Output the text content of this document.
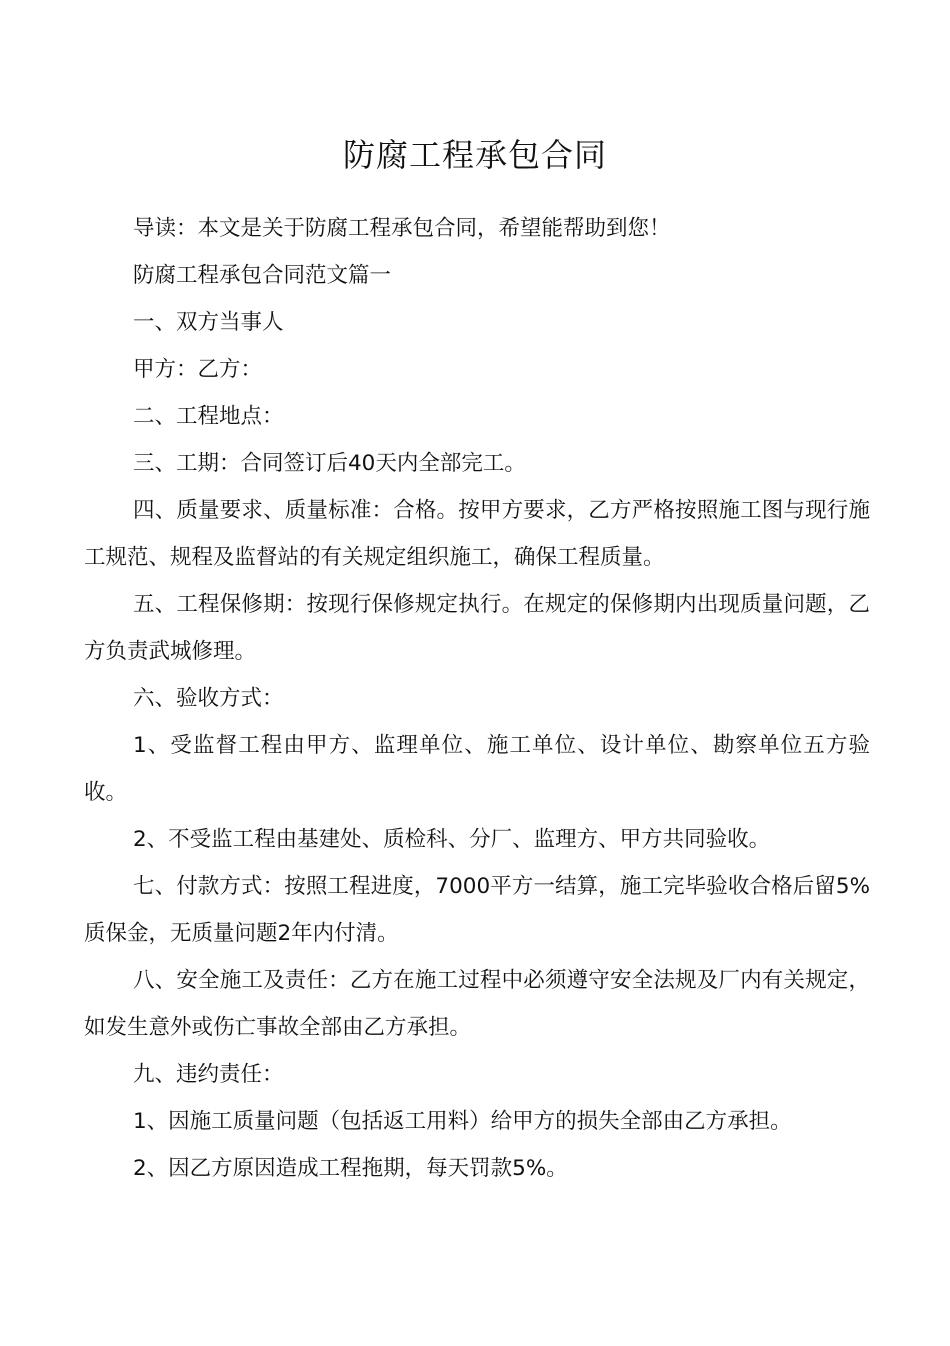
防腐工程承包合同

导读：本文是关于防腐工程承包合同，希望能帮助到您！

防腐工程承包合同范文篇一

一、双方当事人

甲方：乙方：

二、工程地点：

三、工期：合同签订后40天内全部完工。

四、质量要求、质量标准：合格。按甲方要求，乙方严格按照施工图与现行施工规范、规程及监督站的有关规定组织施工，确保工程质量。

五、工程保修期：按现行保修规定执行。在规定的保修期内出现质量问题，乙方负责武城修理。

六、验收方式：

1、受监督工程由甲方、监理单位、施工单位、设计单位、勘察单位五方验收。

2、不受监工程由基建处、质检科、分厂、监理方、甲方共同验收。

七、付款方式：按照工程进度，7000平方一结算，施工完毕验收合格后留5%质保金，无质量问题2年内付清。

八、安全施工及责任：乙方在施工过程中必须遵守安全法规及厂内有关规定，如发生意外或伤亡事故全部由乙方承担。

九、违约责任：

1、因施工质量问题（包括返工用料）给甲方的损失全部由乙方承担。

2、因乙方原因造成工程拖期，每天罚款5%。
